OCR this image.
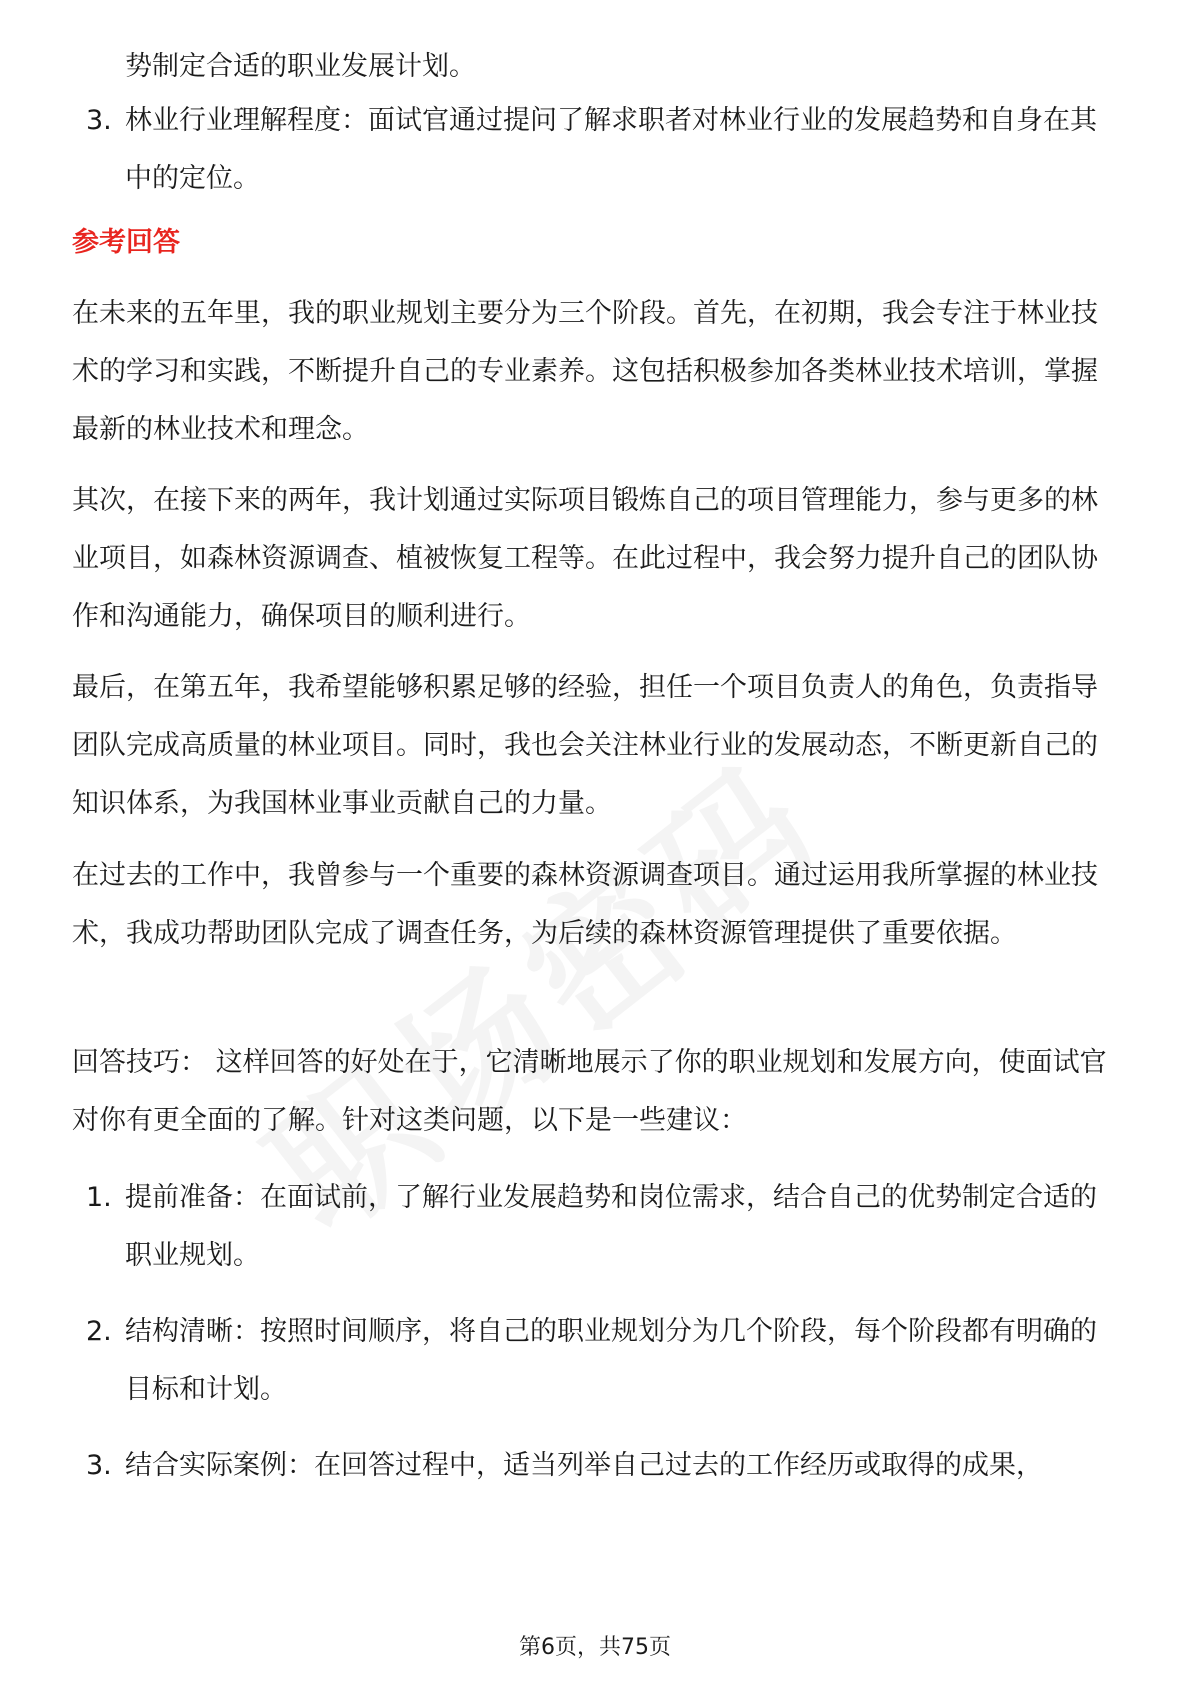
势制定合适的职业发展计划。
3. 林业行业理解程度：面试官通过提问了解求职者对林业行业的发展趋势和自身在其中的定位。
参考回答

在未来的五年里，我的职业规划主要分为三个阶段。首先，在初期，我会专注于林业技术的学习和实践，不断提升自己的专业素养。这包括积极参加各类林业技术培训，掌握最新的林业技术和理念。

其次，在接下来的两年，我计划通过实际项目锻炼自己的项目管理能力，参与更多的林业项目，如森林资源调查、植被恢复工程等。在此过程中，我会努力提升自己的团队协作和沟通能力，确保项目的顺利进行。

最后，在第五年，我希望能够积累足够的经验，担任一个项目负责人的角色，负责指导团队完成高质量的林业项目。同时，我也会关注林业行业的发展动态，不断更新自己的知识体系，为我国林业事业贡献自己的力量。

在过去的工作中，我曾参与一个重要的森林资源调查项目。通过运用我所掌握的林业技术，我成功帮助团队完成了调查任务，为后续的森林资源管理提供了重要依据。

回答技巧： 这样回答的好处在于，它清晰地展示了你的职业规划和发展方向，使面试官对你有更全面的了解。针对这类问题，以下是一些建议：

1. 提前准备：在面试前，了解行业发展趋势和岗位需求，结合自己的优势制定合适的职业规划。
2. 结构清晰：按照时间顺序，将自己的职业规划分为几个阶段，每个阶段都有明确的目标和计划。
3. 结合实际案例：在回答过程中，适当列举自己过去的工作经历或取得的成果，
第6页，共75页
